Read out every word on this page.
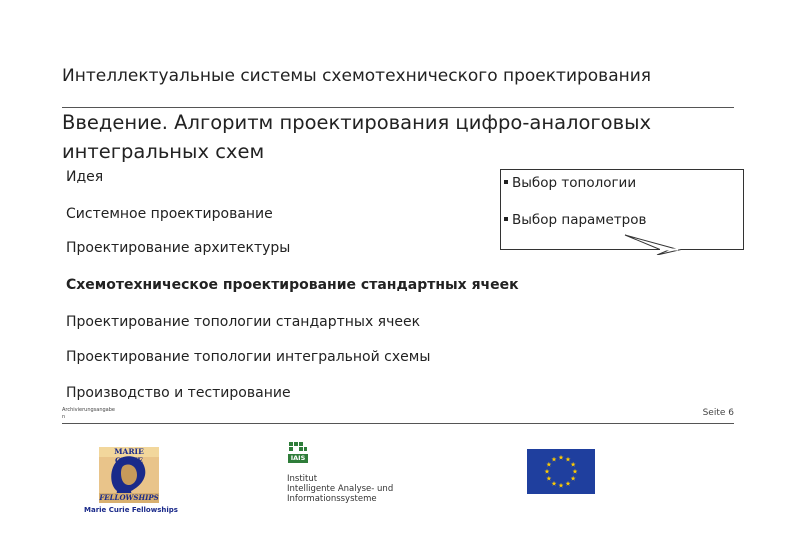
Интеллектуальные системы схемотехнического проектирования
Введение. Алгоритм проектирования цифро-аналоговых интегральных схем
Идея
Системное проектирование
Проектирование архитектуры
Схемотехническое проектирование стандартных ячеек
Проектирование топологии стандартных ячеек
Проектирование топологии интегральной схемы
Производство и тестирование
Выбор топологии
Выбор параметров
Archivierungsangabe n	Seite 6
MARIE CURIE
FELLOWSHIPS
Marie Curie Fellowships
IAIS
Institut
Intelligente Analyse- und
Informationssysteme
